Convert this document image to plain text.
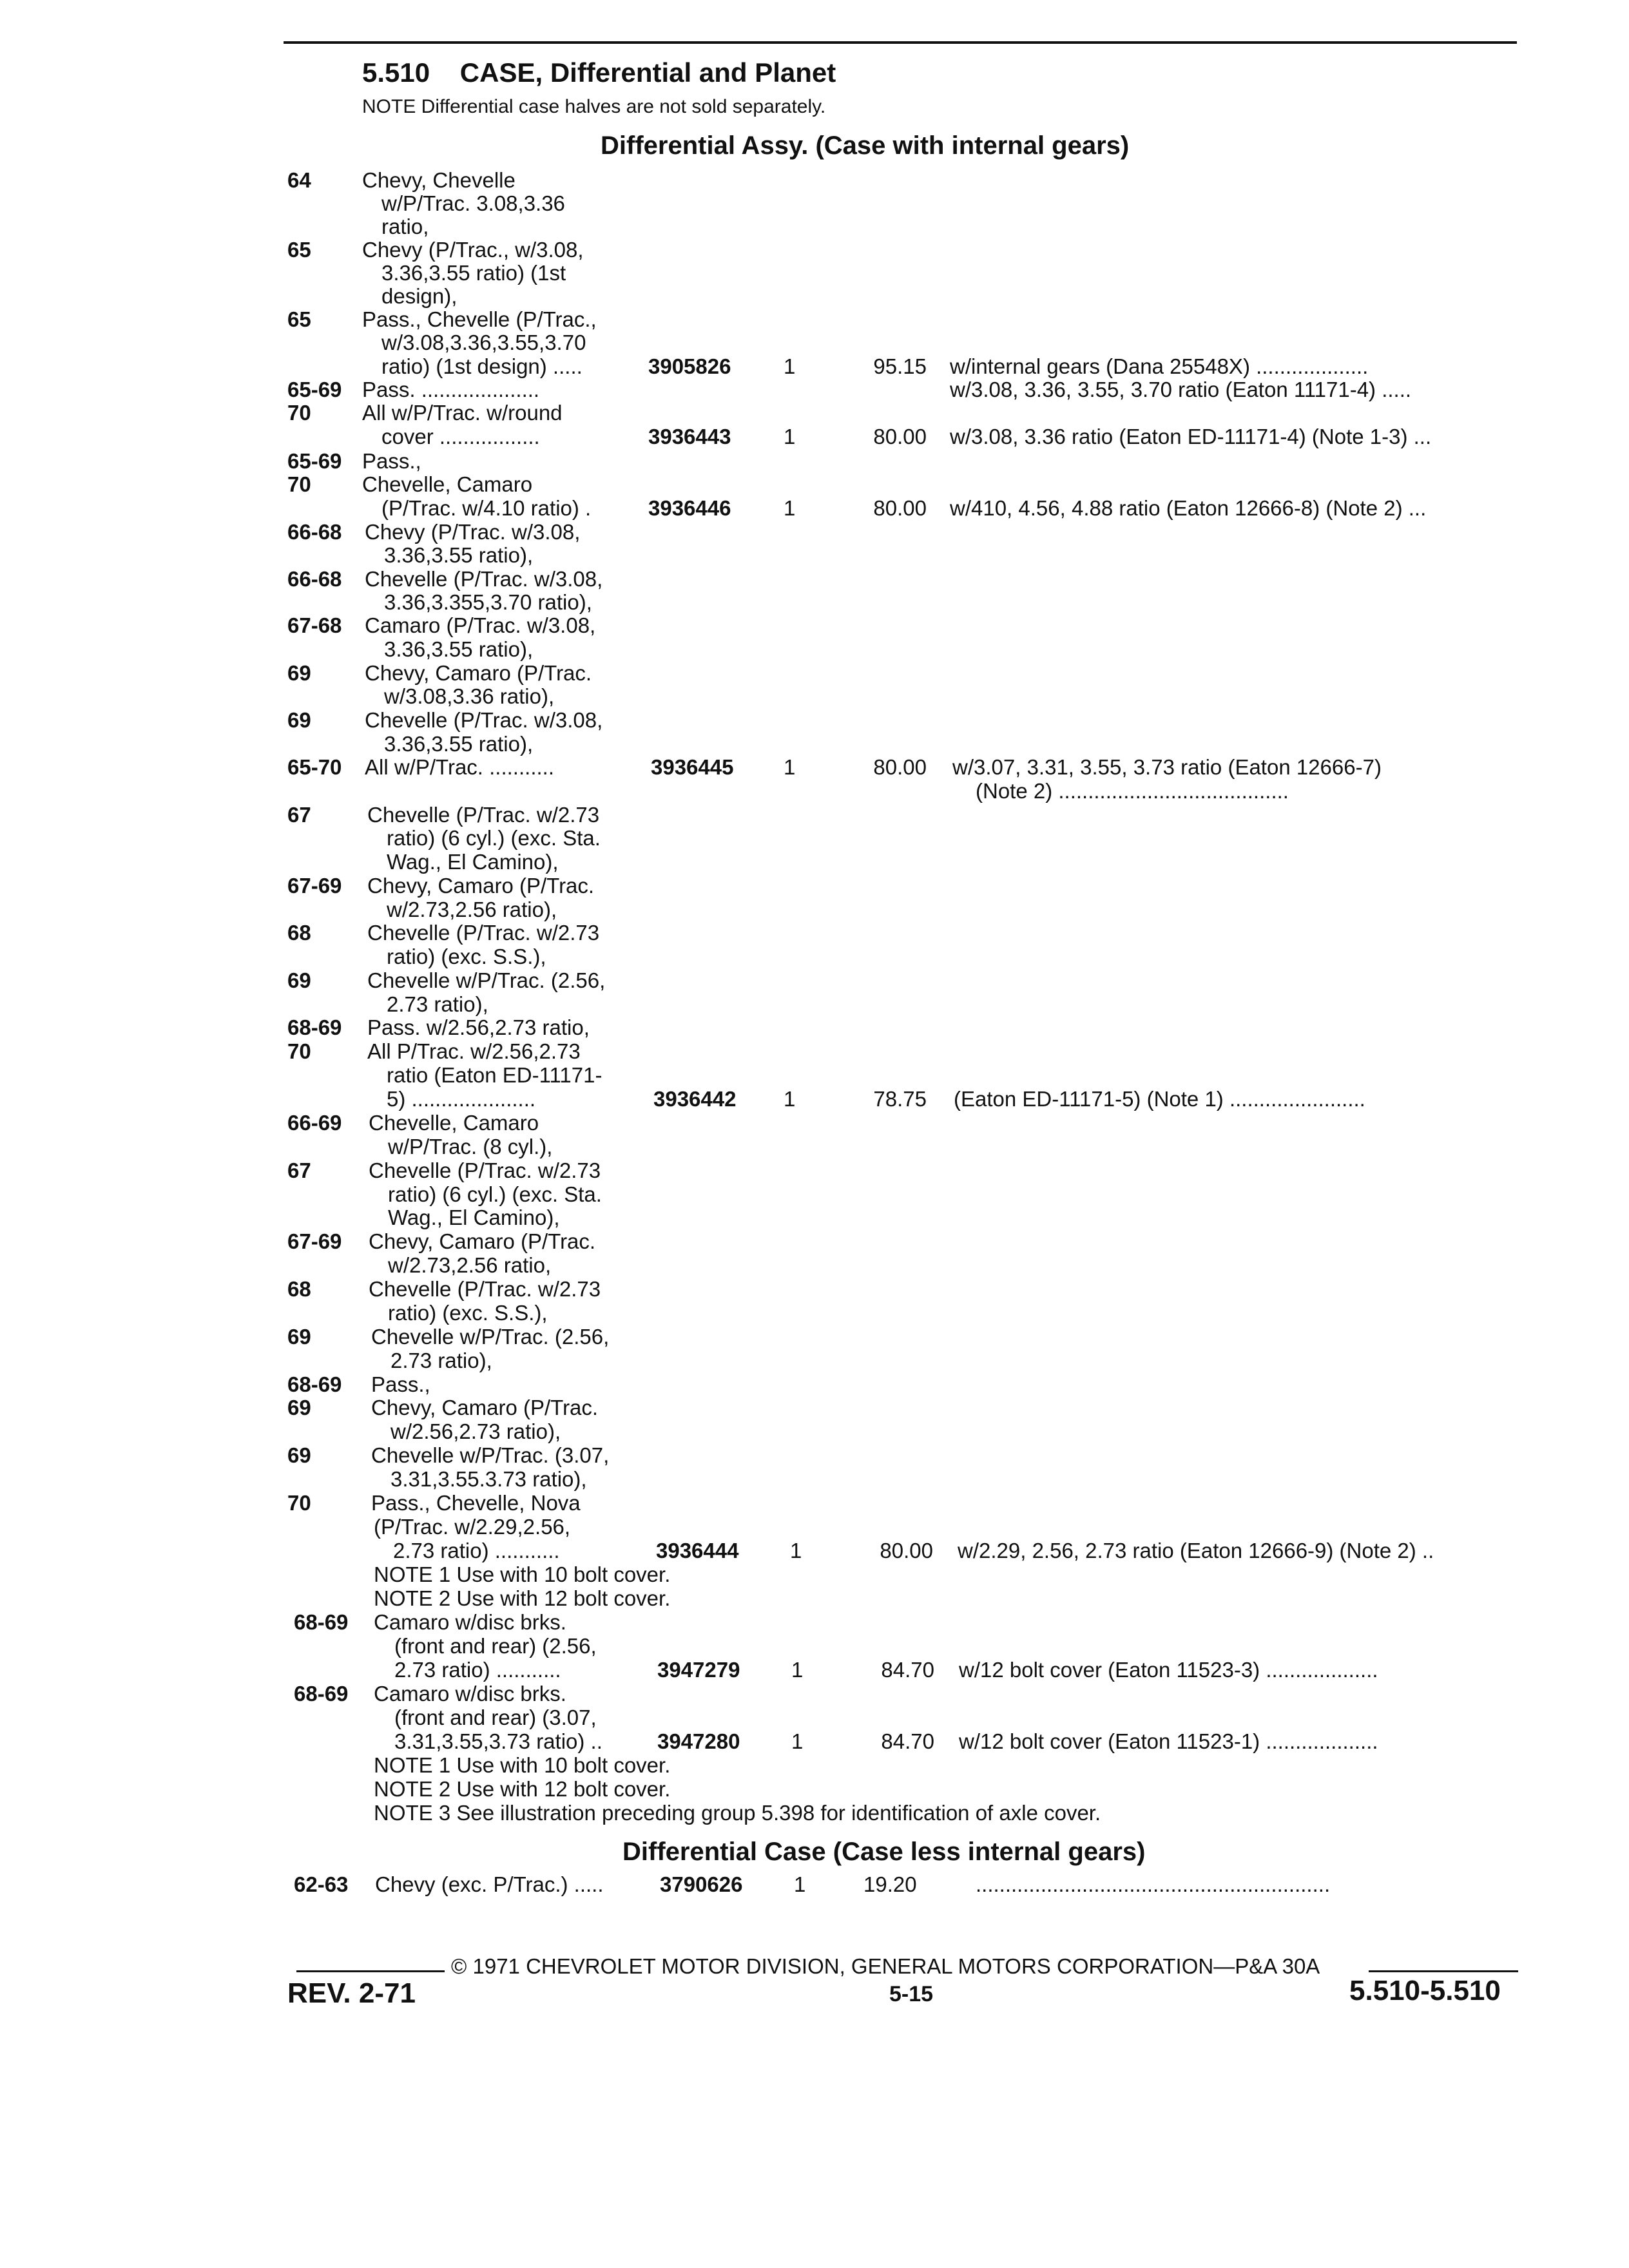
5.510 CASE, Differential and Planet
NOTE Differential case halves are not sold separately.
Differential Assy. (Case with internal gears)
64 Chevy, Chevelle
w/P/Trac. 3.08,3.36
ratio,
65 Chevy (P/Trac., w/3.08,
3.36,3.55 ratio) (1st
design),
65 Pass., Chevelle (P/Trac.,
w/3.08,3.36,3.55,3.70
ratio) (1st design) .....	3905826 1	95.15 w/internal gears (Dana 25548X) ...................
w/3.08, 3.36, 3.55, 3.70 ratio (Eaton 11171-4) .....
65-69 Pass. ....................
70 All w/P/Trac. w/round
cover .................	3936443 1	80.00 w/3.08, 3.36 ratio (Eaton ED-11171-4) (Note 1-3) ...
65-69 Pass.,
70 Chevelle, Camaro
(P/Trac. w/4.10 ratio) .	3936446 1	80.00 w/410, 4.56, 4.88 ratio (Eaton 12666-8) (Note 2) ...
66-68 Chevy (P/Trac. w/3.08,
3.36,3.55 ratio),
66-68 Chevelle (P/Trac. w/3.08,
3.36,3.355,3.70 ratio),
67-68 Camaro (P/Trac. w/3.08,
3.36,3.55 ratio),
69	Chevy, Camaro (P/Trac.
w/3.08,3.36 ratio),
69	Chevelle (P/Trac. w/3.08,
3.36,3.55 ratio),
65-70 All w/P/Trac. ...........	3936445 1	80.00 w/3.07, 3.31, 3.55, 3.73 ratio (Eaton 12666-7)
(Note 2) .......................................
67	Chevelle (P/Trac. w/2.73
ratio) (6 cyl.) (exc. Sta.
Wag., El Camino),
67-69 Chevy, Camaro (P/Trac.
w/2.73,2.56 ratio),
68	Chevelle (P/Trac. w/2.73
ratio) (exc. S.S.),
69	Chevelle w/P/Trac. (2.56,
2.73 ratio),
68-69 Pass. w/2.56,2.73 ratio,
70	All P/Trac. w/2.56,2.73
ratio (Eaton ED-11171-
5) .....................	3936442 1	78.75 (Eaton ED-11171-5) (Note 1) .......................
66-69 Chevelle, Camaro
w/P/Trac. (8 cyl.),
67	Chevelle (P/Trac. w/2.73
ratio) (6 cyl.) (exc. Sta.
Wag., El Camino),
67-69 Chevy, Camaro (P/Trac.
w/2.73,2.56 ratio,
68	Chevelle (P/Trac. w/2.73
ratio) (exc. S.S.),
69	Chevelle w/P/Trac. (2.56,
2.73 ratio),
68-69 Pass.,
69	Chevy, Camaro (P/Trac.
w/2.56,2.73 ratio),
69	Chevelle w/P/Trac. (3.07,
3.31,3.55.3.73 ratio),
70	Pass., Chevelle, Nova
(P/Trac. w/2.29,2.56,
2.73 ratio) ...........	3936444 1	80.00 w/2.29, 2.56, 2.73 ratio (Eaton 12666-9) (Note 2) ..
NOTE 1 Use with 10 bolt cover.
NOTE 2 Use with 12 bolt cover.
68-69 Camaro w/disc brks.
(front and rear) (2.56,
2.73 ratio) ...........	3947279 1	84.70 w/12 bolt cover (Eaton 11523-3) ...................
68-69 Camaro w/disc brks.
(front and rear) (3.07,
3.31,3.55,3.73 ratio) ..	3947280 1	84.70 w/12 bolt cover (Eaton 11523-1) ...................
NOTE 1 Use with 10 bolt cover.
NOTE 2 Use with 12 bolt cover.
NOTE 3 See illustration preceding group 5.398 for identification of axle cover.
Differential Case (Case less internal gears)
62-63 Chevy (exc. P/Trac.) .....	3790626 1	19.20	............................................................
© 1971 CHEVROLET MOTOR DIVISION, GENERAL MOTORS CORPORATION—P&A 30A
REV. 2-71	5-15	5.510-5.510
